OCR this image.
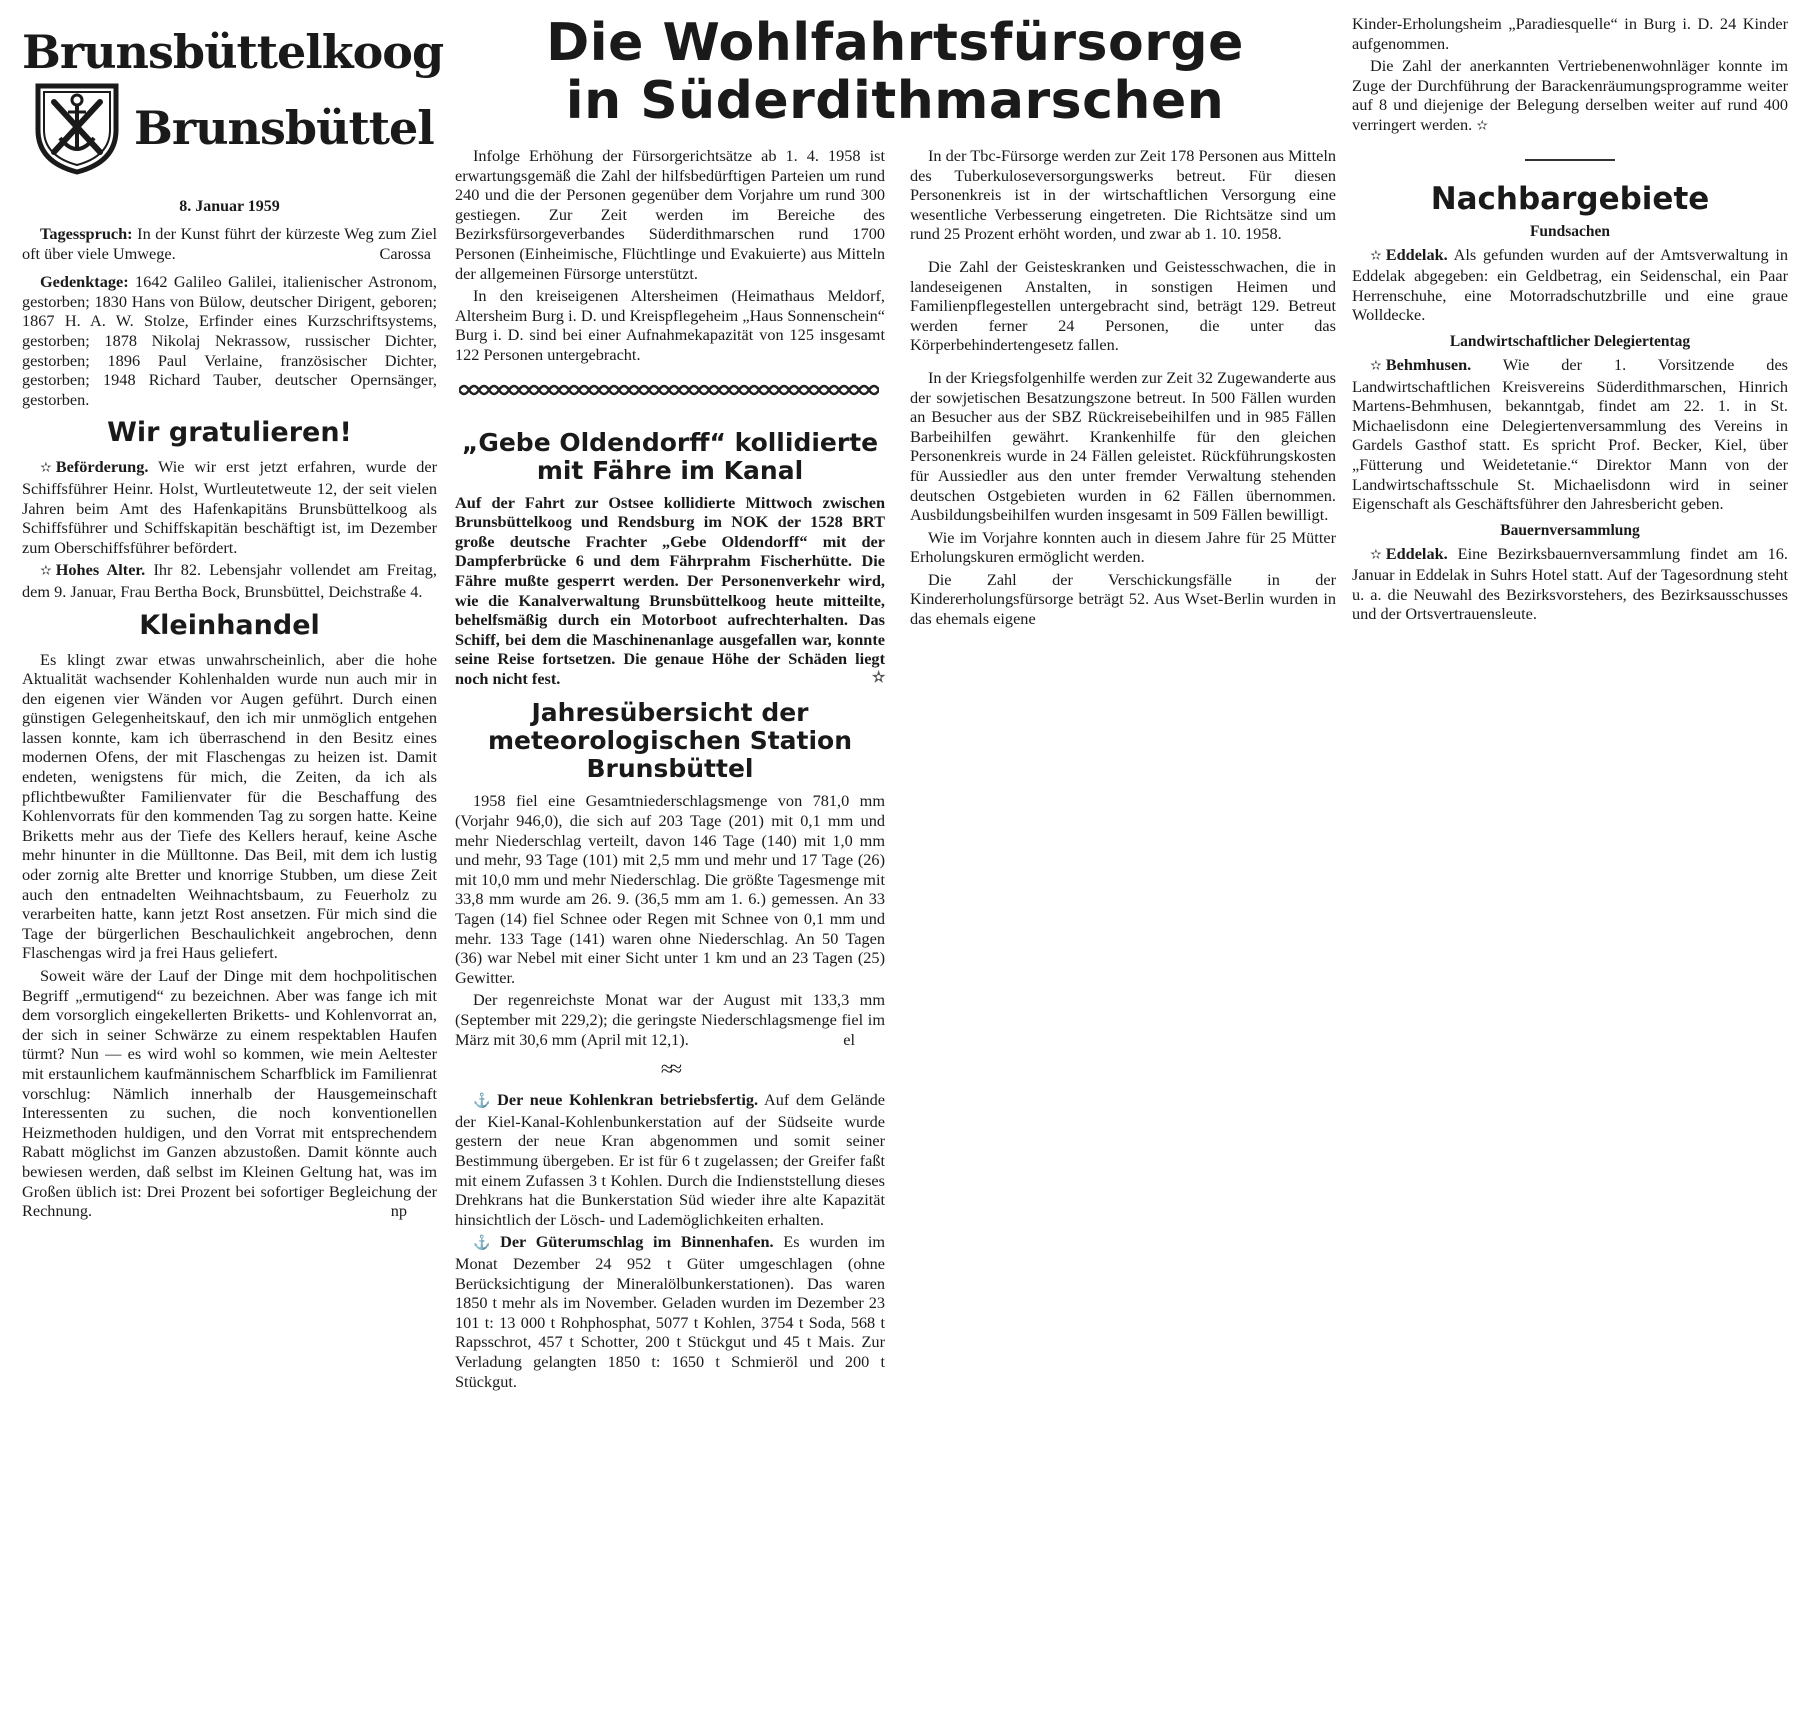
Die Wohlfahrtsfürsorge
in Süderdithmarschen
Brunsbüttelkoog
Brunsbüttel
8. Januar 1959

Tagesspruch: In der Kunst führt der kürzeste Weg zum Ziel oft über viele Umwege.	Carossa

Gedenktage: 1642 Galileo Galilei, italienischer Astronom, gestorben; 1830 Hans von Bülow, deutscher Dirigent, geboren; 1867 H. A. W. Stolze, Erfinder eines Kurzschriftsystems, gestorben; 1878 Nikolaj Nekrassow, russischer Dichter, gestorben; 1896 Paul Verlaine, französischer Dichter, gestorben; 1948 Richard Tauber, deutscher Opernsänger, gestorben.

Wir gratulieren!

✫ Beförderung. Wie wir erst jetzt erfahren, wurde der Schiffsführer Heinr. Holst, Wurtleutetweute 12, der seit vielen Jahren beim Amt des Hafenkapitäns Brunsbüttelkoog als Schiffsführer und Schiffskapitän beschäftigt ist, im Dezember zum Oberschiffsführer befördert.

✫ Hohes Alter. Ihr 82. Lebensjahr vollendet am Freitag, dem 9. Januar, Frau Bertha Bock, Brunsbüttel, Deichstraße 4.

Kleinhandel

Es klingt zwar etwas unwahrscheinlich, aber die hohe Aktualität wachsender Kohlenhalden wurde nun auch mir in den eigenen vier Wänden vor Augen geführt. Durch einen günstigen Gelegenheitskauf, den ich mir unmöglich entgehen lassen konnte, kam ich überraschend in den Besitz eines modernen Ofens, der mit Flaschengas zu heizen ist. Damit endeten, wenigstens für mich, die Zeiten, da ich als pflichtbewußter Familienvater für die Beschaffung des Kohlenvorrats für den kommenden Tag zu sorgen hatte. Keine Briketts mehr aus der Tiefe des Kellers herauf, keine Asche mehr hinunter in die Mülltonne. Das Beil, mit dem ich lustig oder zornig alte Bretter und knorrige Stubben, um diese Zeit auch den entnadelten Weihnachtsbaum, zu Feuerholz zu verarbeiten hatte, kann jetzt Rost ansetzen. Für mich sind die Tage der bürgerlichen Beschaulichkeit angebrochen, denn Flaschengas wird ja frei Haus geliefert.

Soweit wäre der Lauf der Dinge mit dem hochpolitischen Begriff „ermutigend“ zu bezeichnen. Aber was fange ich mit dem vorsorglich eingekellerten Briketts- und Kohlenvorrat an, der sich in seiner Schwärze zu einem respektablen Haufen türmt? Nun — es wird wohl so kommen, wie mein Aeltester mit erstaunlichem kaufmännischem Scharfblick im Familienrat vorschlug: Nämlich innerhalb der Hausgemeinschaft Interessenten zu suchen, die noch konventionellen Heizmethoden huldigen, und den Vorrat mit entsprechendem Rabatt möglichst im Ganzen abzustoßen. Damit könnte auch bewiesen werden, daß selbst im Kleinen Geltung hat, was im Großen üblich ist: Drei Prozent bei sofortiger Begleichung der Rechnung.	np

Infolge Erhöhung der Fürsorgerichtsätze ab 1. 4. 1958 ist erwartungsgemäß die Zahl der hilfsbedürftigen Parteien um rund 240 und die der Personen gegenüber dem Vorjahre um rund 300 gestiegen. Zur Zeit werden im Bereiche des Bezirksfürsorgeverbandes Süderdithmarschen rund 1700 Personen (Einheimische, Flüchtlinge und Evakuierte) aus Mitteln der allgemeinen Fürsorge unterstützt.

In den kreiseigenen Altersheimen (Heimathaus Meldorf, Altersheim Burg i. D. und Kreispflegeheim „Haus Sonnenschein“ Burg i. D. sind bei einer Aufnahmekapazität von 125 insgesamt 122 Personen untergebracht.

„Gebe Oldendorff“ kollidierte mit Fähre im Kanal

Auf der Fahrt zur Ostsee kollidierte Mittwoch zwischen Brunsbüttelkoog und Rendsburg im NOK der 1528 BRT große deutsche Frachter „Gebe Oldendorff“ mit der Dampferbrücke 6 und dem Fährprahm Fischerhütte. Die Fähre mußte gesperrt werden. Der Personenverkehr wird, wie die Kanalverwaltung Brunsbüttelkoog heute mitteilte, behelfsmäßig durch ein Motorboot aufrechterhalten. Das Schiff, bei dem die Maschinenanlage ausgefallen war, konnte seine Reise fortsetzen. Die genaue Höhe der Schäden liegt noch nicht fest.	✫

Jahresübersicht der meteorologischen Station Brunsbüttel

1958 fiel eine Gesamtniederschlagsmenge von 781,0 mm (Vorjahr 946,0), die sich auf 203 Tage (201) mit 0,1 mm und mehr Niederschlag verteilt, davon 146 Tage (140) mit 1,0 mm und mehr, 93 Tage (101) mit 2,5 mm und mehr und 17 Tage (26) mit 10,0 mm und mehr Niederschlag. Die größte Tagesmenge mit 33,8 mm wurde am 26. 9. (36,5 mm am 1. 6.) gemessen. An 33 Tagen (14) fiel Schnee oder Regen mit Schnee von 0,1 mm und mehr. 133 Tage (141) waren ohne Niederschlag. An 50 Tagen (36) war Nebel mit einer Sicht unter 1 km und an 23 Tagen (25) Gewitter.

Der regenreichste Monat war der August mit 133,3 mm (September mit 229,2); die geringste Niederschlagsmenge fiel im März mit 30,6 mm (April mit 12,1).	el

≈≈

⚓ Der neue Kohlenkran betriebsfertig. Auf dem Gelände der Kiel-Kanal-Kohlenbunkerstation auf der Südseite wurde gestern der neue Kran abgenommen und somit seiner Bestimmung übergeben. Er ist für 6 t zugelassen; der Greifer faßt mit einem Zufassen 3 t Kohlen. Durch die Indienststellung dieses Drehkrans hat die Bunkerstation Süd wieder ihre alte Kapazität hinsichtlich der Lösch- und Lademöglichkeiten erhalten.

⚓ Der Güterumschlag im Binnenhafen. Es wurden im Monat Dezember 24 952 t Güter umgeschlagen (ohne Berücksichtigung der Mineralölbunkerstationen). Das waren 1850 t mehr als im November. Geladen wurden im Dezember 23 101 t: 13 000 t Rohphosphat, 5077 t Kohlen, 3754 t Soda, 568 t Rapsschrot, 457 t Schotter, 200 t Stückgut und 45 t Mais. Zur Verladung gelangten 1850 t: 1650 t Schmieröl und 200 t Stückgut.

In der Tbc-Fürsorge werden zur Zeit 178 Personen aus Mitteln des Tuberkuloseversorgungswerks betreut. Für diesen Personenkreis ist in der wirtschaftlichen Versorgung eine wesentliche Verbesserung eingetreten. Die Richtsätze sind um rund 25 Prozent erhöht worden, und zwar ab 1. 10. 1958.

Die Zahl der Geisteskranken und Geistesschwachen, die in landeseigenen Anstalten, in sonstigen Heimen und Familienpflegestellen untergebracht sind, beträgt 129. Betreut werden ferner 24 Personen, die unter das Körperbehindertengesetz fallen.

In der Kriegsfolgenhilfe werden zur Zeit 32 Zugewanderte aus der sowjetischen Besatzungszone betreut. In 500 Fällen wurden an Besucher aus der SBZ Rückreisebeihilfen und in 985 Fällen Barbeihilfen gewährt. Krankenhilfe für den gleichen Personenkreis wurde in 24 Fällen geleistet. Rückführungskosten für Aussiedler aus den unter fremder Verwaltung stehenden deutschen Ostgebieten wurden in 62 Fällen übernommen. Ausbildungsbeihilfen wurden insgesamt in 509 Fällen bewilligt.

Wie im Vorjahre konnten auch in diesem Jahre für 25 Mütter Erholungskuren ermöglicht werden.

Die Zahl der Verschickungsfälle in der Kindererholungsfürsorge beträgt 52. Aus Wset-Berlin wurden in das ehemals eigene

Kinder-Erholungsheim „Paradiesquelle“ in Burg i. D. 24 Kinder aufgenommen.

Die Zahl der anerkannten Vertriebenenwohnläger konnte im Zuge der Durchführung der Barackenräumungsprogramme weiter auf 8 und diejenige der Belegung derselben weiter auf rund 400 verringert werden. ✫

Nachbargebiete
Fundsachen

✫ Eddelak. Als gefunden wurden auf der Amtsverwaltung in Eddelak abgegeben: ein Geldbetrag, ein Seidenschal, ein Paar Herrenschuhe, eine Motorradschutzbrille und eine graue Wolldecke.

Landwirtschaftlicher Delegiertentag

✫ Behmhusen. Wie der 1. Vorsitzende des Landwirtschaftlichen Kreisvereins Süderdithmarschen, Hinrich Martens-Behmhusen, bekanntgab, findet am 22. 1. in St. Michaelisdonn eine Delegiertenversammlung des Vereins in Gardels Gasthof statt. Es spricht Prof. Becker, Kiel, über „Fütterung und Weidetetanie.“ Direktor Mann von der Landwirtschaftsschule St. Michaelisdonn wird in seiner Eigenschaft als Geschäftsführer den Jahresbericht geben.

Bauernversammlung

✫ Eddelak. Eine Bezirksbauernversammlung findet am 16. Januar in Eddelak in Suhrs Hotel statt. Auf der Tagesordnung steht u. a. die Neuwahl des Bezirksvorstehers, des Bezirksausschusses und der Ortsvertrauensleute.
